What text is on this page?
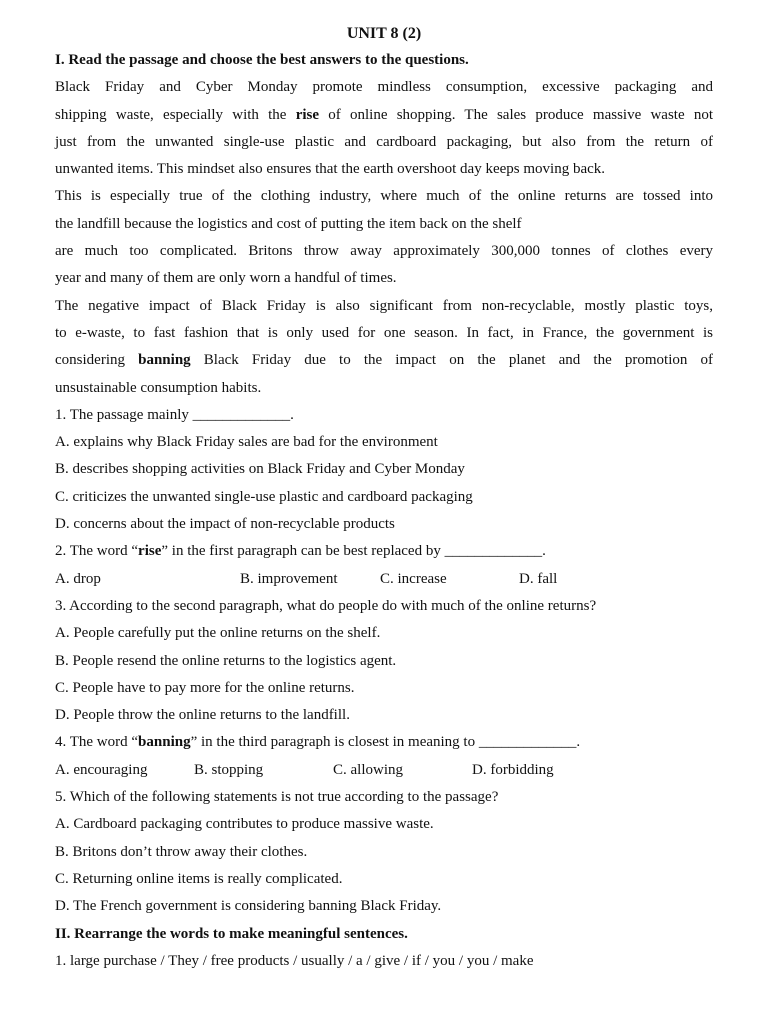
UNIT 8 (2)
I. Read the passage and choose the best answers to the questions.
Black Friday and Cyber Monday promote mindless consumption, excessive packaging and
shipping waste, especially with the rise of online shopping. The sales produce massive waste not
just from the unwanted single-use plastic and cardboard packaging, but also from the return of
unwanted items. This mindset also ensures that the earth overshoot day keeps moving back.
This is especially true of the clothing industry, where much of the online returns are tossed into
the landfill because the logistics and cost of putting the item back on the shelf
are much too complicated. Britons throw away approximately 300,000 tonnes of clothes every
year and many of them are only worn a handful of times.
The negative impact of Black Friday is also significant from non-recyclable, mostly plastic toys,
to e-waste, to fast fashion that is only used for one season. In fact, in France, the government is
considering banning Black Friday due to the impact on the planet and the promotion of
unsustainable consumption habits.
1. The passage mainly _____________.
A. explains why Black Friday sales are bad for the environment
B. describes shopping activities on Black Friday and Cyber Monday
C. criticizes the unwanted single-use plastic and cardboard packaging
D. concerns about the impact of non-recyclable products
2. The word “rise” in the first paragraph can be best replaced by _____________.
A. drop	B. improvement	C. increase	D. fall
3. According to the second paragraph, what do people do with much of the online returns?
A. People carefully put the online returns on the shelf.
B. People resend the online returns to the logistics agent.
C. People have to pay more for the online returns.
D. People throw the online returns to the landfill.
4. The word “banning” in the third paragraph is closest in meaning to _____________.
A. encouraging	B. stopping	C. allowing	D. forbidding
5. Which of the following statements is not true according to the passage?
A. Cardboard packaging contributes to produce massive waste.
B. Britons don’t throw away their clothes.
C. Returning online items is really complicated.
D. The French government is considering banning Black Friday.
II. Rearrange the words to make meaningful sentences.
1. large purchase / They / free products / usually / a / give / if / you / you / make
